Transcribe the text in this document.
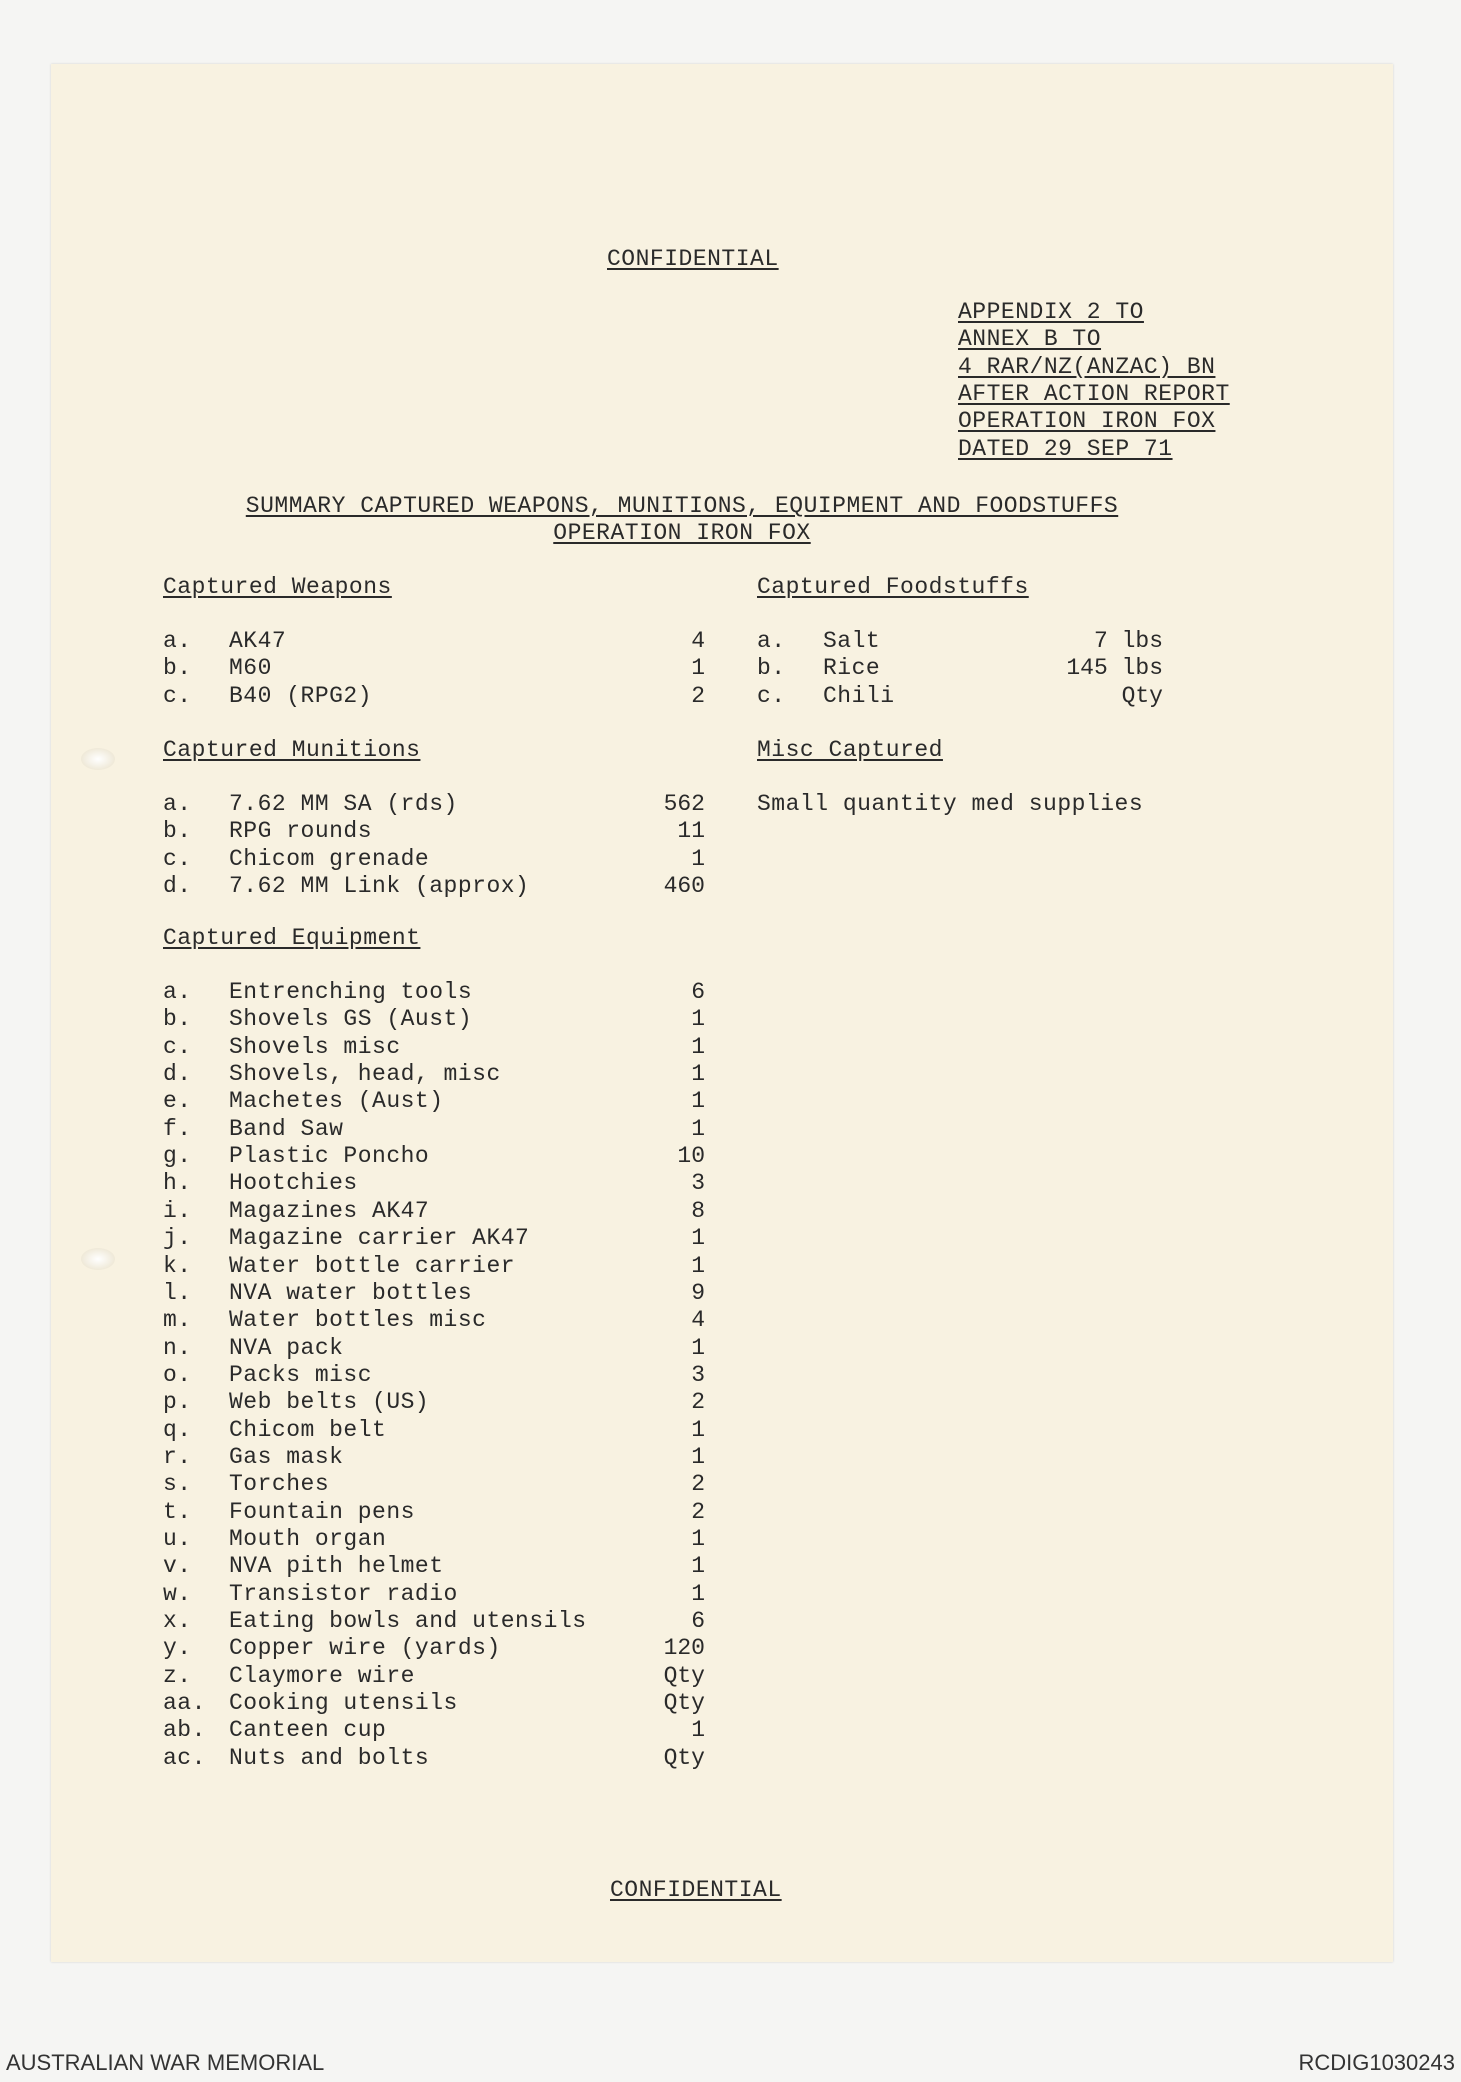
CONFIDENTIAL
APPENDIX 2 TO
ANNEX B TO
4 RAR/NZ(ANZAC) BN
AFTER ACTION REPORT
OPERATION IRON FOX
DATED 29 SEP 71
SUMMARY CAPTURED WEAPONS, MUNITIONS, EQUIPMENT AND FOODSTUFFS
OPERATION IRON FOX
Captured Weapons	Captured Foodstuffs
Captured Munitions	Misc Captured
Captured Equipment
Small quantity med supplies
a. AK47	4
b. M60	1
c. B40 (RPG2)	2
a. 7.62 MM SA (rds)	562
b. RPG rounds	11
c. Chicom grenade	1
d. 7.62 MM Link (approx)	460
a. Entrenching tools	6
b. Shovels GS (Aust)	1
c. Shovels misc	1
d. Shovels, head, misc	1
e. Machetes (Aust)	1
f. Band Saw	1
g. Plastic Poncho	10
h. Hootchies	3
i. Magazines AK47	8
j. Magazine carrier AK47	1
k. Water bottle carrier	1
l. NVA water bottles	9
m. Water bottles misc	4
n. NVA pack	1
o. Packs misc	3
p. Web belts (US)	2
q. Chicom belt	1
r. Gas mask	1
s. Torches	2
t. Fountain pens	2
u. Mouth organ	1
v. NVA pith helmet	1
w. Transistor radio	1
x. Eating bowls and utensils	6
y. Copper wire (yards)	120
z. Claymore wire	Qty
aa. Cooking utensils	Qty
ab. Canteen cup	1
ac. Nuts and bolts	Qty
a. Salt	7 lbs
b. Rice	145 lbs
c. Chili	Qty
CONFIDENTIAL
AUSTRALIAN WAR MEMORIAL	RCDIG1030243
